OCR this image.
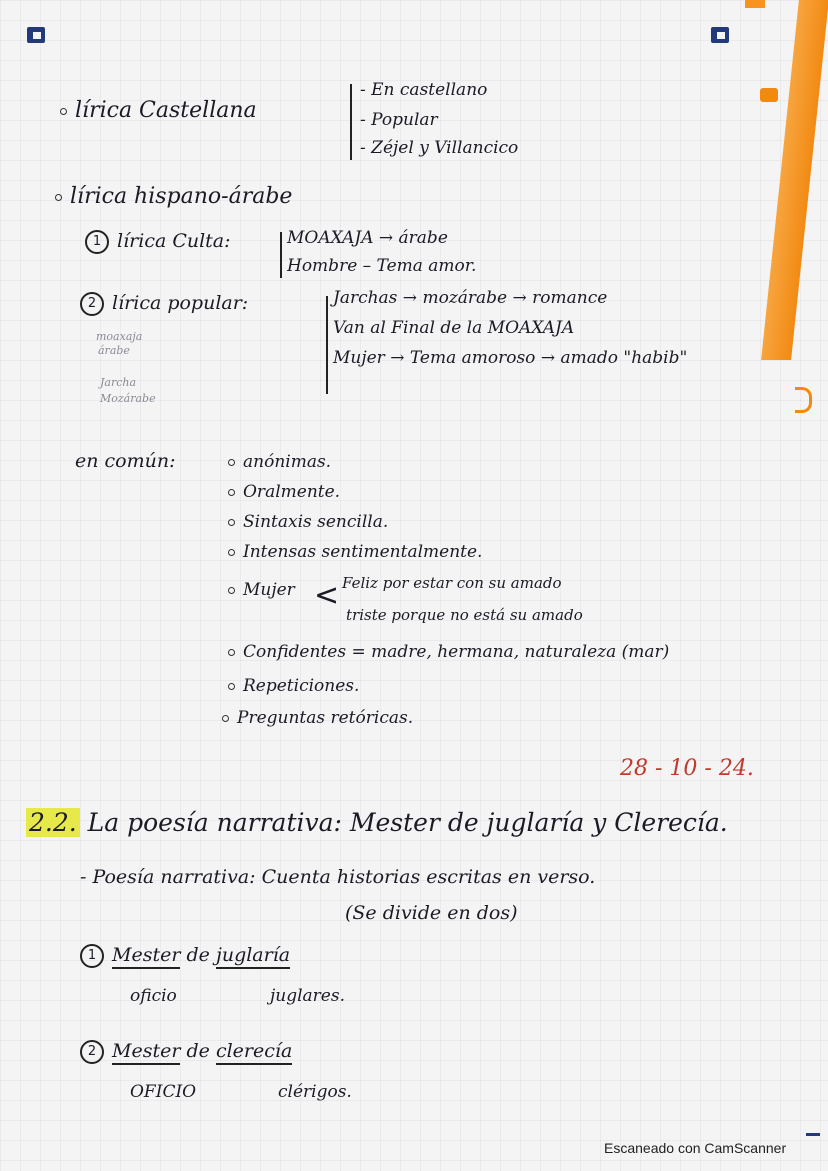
lírica Castellana
- En castellano
- Popular
- Zéjel y Villancico
lírica hispano-árabe
1 lírica Culta:	MOAXAJA → árabe
Hombre – Tema amor.
2 lírica popular:	Jarchas → mozárabe → romance
Van al Final de la MOAXAJA
Mujer → Tema amoroso → amado "habib"
moaxaja
árabe
Jarcha
Mozárabe
en común:	anónimas.
Oralmente.
Sintaxis sencilla.
Intensas sentimentalmente.
Mujer < Feliz por estar con su amado
triste porque no está su amado
Confidentes = madre, hermana, naturaleza (mar)
Repeticiones.
Preguntas retóricas.
28 - 10 - 24.
2.2. La poesía narrativa: Mester de juglaría y Clerecía.
- Poesía narrativa: Cuenta historias escritas en verso.
(Se divide en dos)
1 Mester de juglaría
oficio	juglares.
2 Mester de clerecía
OFICIO	clérigos.
Escaneado con CamScanner
